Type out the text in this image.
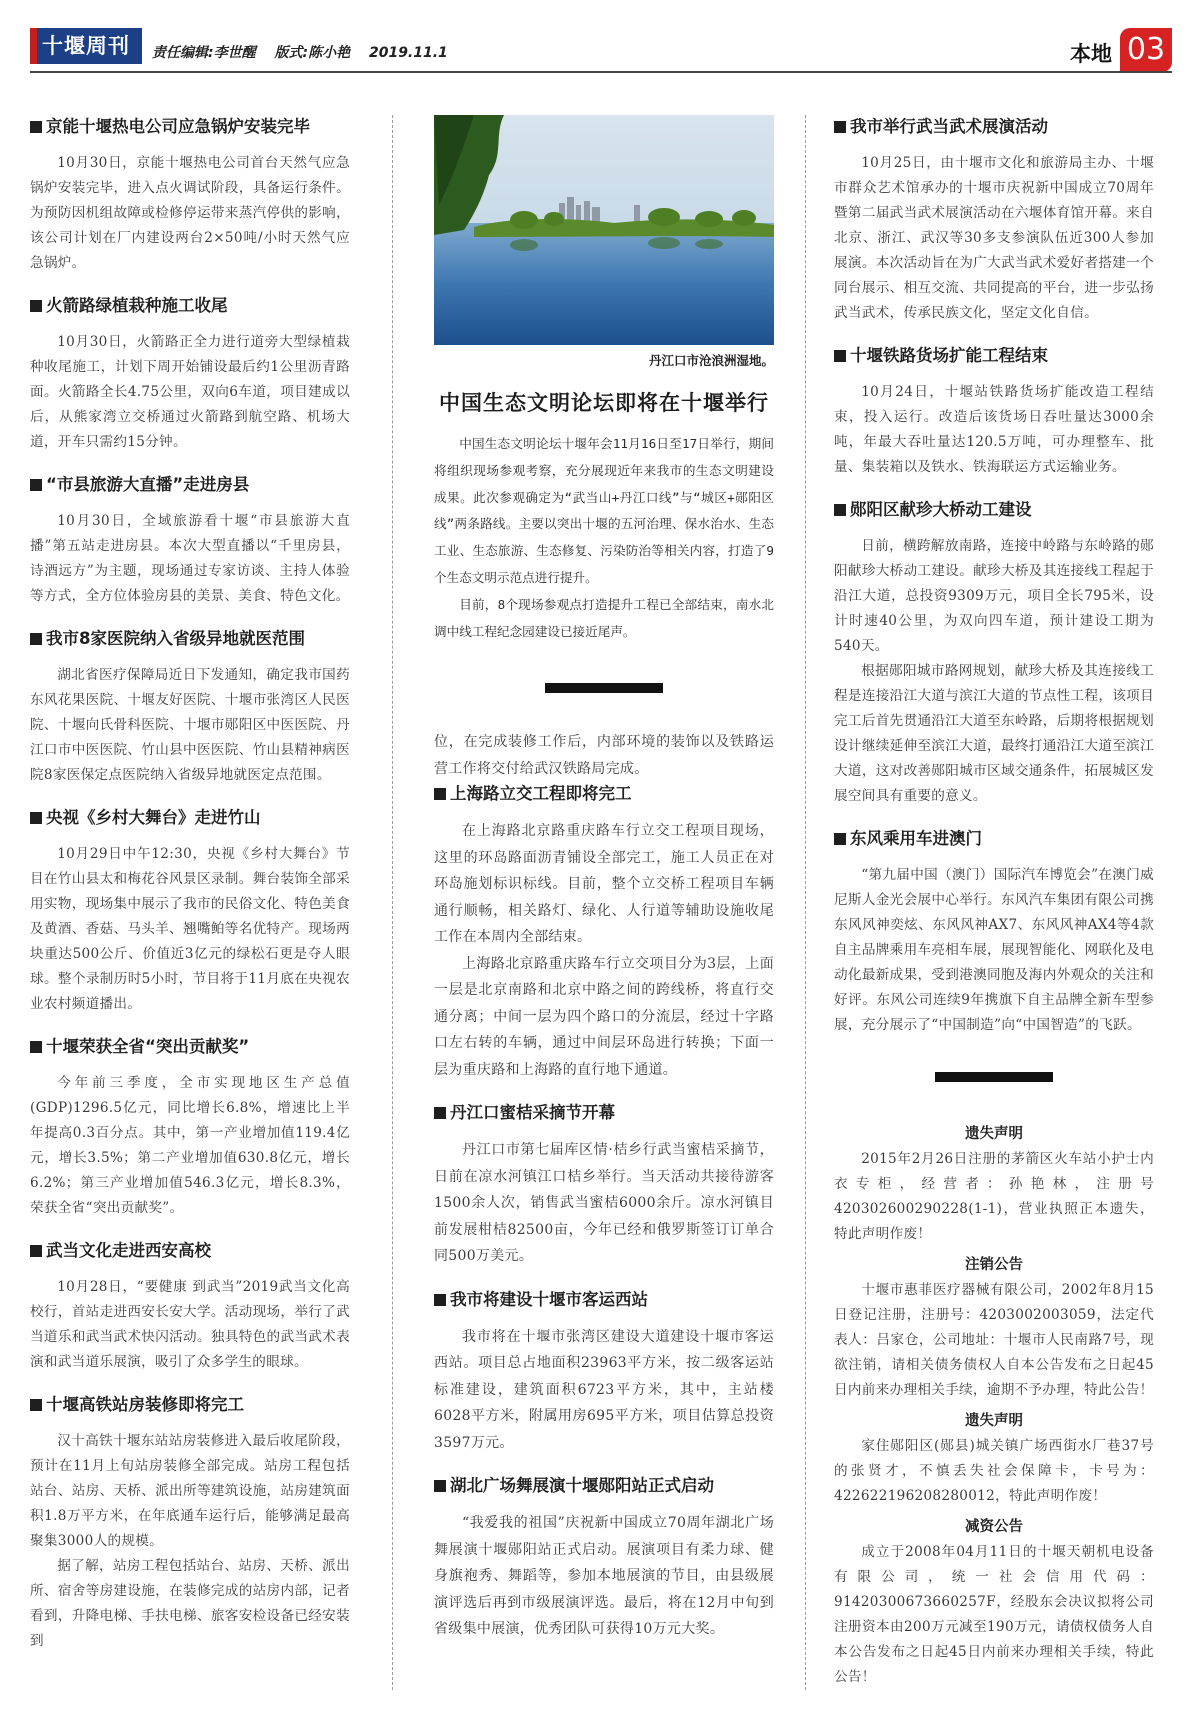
十堰周刊	责任编辑:李世醒 版式:陈小艳 2019.11.1	本地 03
京能十堰热电公司应急锅炉安装完毕

10月30日，京能十堰热电公司首台天然气应急锅炉安装完毕，进入点火调试阶段，具备运行条件。为预防因机组故障或检修停运带来蒸汽停供的影响，该公司计划在厂内建设两台2×50吨/小时天然气应急锅炉。

火箭路绿植栽种施工收尾

10月30日，火箭路正全力进行道旁大型绿植栽种收尾施工，计划下周开始铺设最后约1公里沥青路面。火箭路全长4.75公里，双向6车道，项目建成以后，从熊家湾立交桥通过火箭路到航空路、机场大道，开车只需约15分钟。

“市县旅游大直播”走进房县

10月30日，全域旅游看十堰“市县旅游大直播”第五站走进房县。本次大型直播以“千里房县，诗酒远方”为主题，现场通过专家访谈、主持人体验等方式，全方位体验房县的美景、美食、特色文化。

我市8家医院纳入省级异地就医范围

湖北省医疗保障局近日下发通知，确定我市国药东风花果医院、十堰友好医院、十堰市张湾区人民医院、十堰向氏骨科医院、十堰市郧阳区中医医院、丹江口市中医医院、竹山县中医医院、竹山县精神病医院8家医保定点医院纳入省级异地就医定点范围。

央视《乡村大舞台》走进竹山

10月29日中午12:30，央视《乡村大舞台》节目在竹山县太和梅花谷风景区录制。舞台装饰全部采用实物，现场集中展示了我市的民俗文化、特色美食及黄酒、香菇、马头羊、翘嘴鲌等名优特产。现场两块重达500公斤、价值近3亿元的绿松石更是夺人眼球。整个录制历时5小时，节目将于11月底在央视农业农村频道播出。

十堰荣获全省“突出贡献奖”

今年前三季度，全市实现地区生产总值(GDP)1296.5亿元，同比增长6.8%，增速比上半年提高0.3百分点。其中，第一产业增加值119.4亿元，增长3.5%；第二产业增加值630.8亿元，增长6.2%；第三产业增加值546.3亿元，增长8.3%，荣获全省“突出贡献奖”。

武当文化走进西安高校

10月28日，“要健康 到武当”2019武当文化高校行，首站走进西安长安大学。活动现场，举行了武当道乐和武当武术快闪活动。独具特色的武当武术表演和武当道乐展演，吸引了众多学生的眼球。

十堰高铁站房装修即将完工

汉十高铁十堰东站站房装修进入最后收尾阶段，预计在11月上旬站房装修全部完成。站房工程包括站台、站房、天桥、派出所等建筑设施，站房建筑面积1.8万平方米，在年底通车运行后，能够满足最高聚集3000人的规模。

据了解，站房工程包括站台、站房、天桥、派出所、宿舍等房建设施，在装修完成的站房内部，记者看到，升降电梯、手扶电梯、旅客安检设备已经安装到

丹江口市沧浪洲湿地。
中国生态文明论坛即将在十堰举行

中国生态文明论坛十堰年会11月16日至17日举行，期间将组织现场参观考察，充分展现近年来我市的生态文明建设成果。此次参观确定为“武当山+丹江口线”与“城区+郧阳区线”两条路线。主要以突出十堰的五河治理、保水治水、生态工业、生态旅游、生态修复、污染防治等相关内容，打造了9个生态文明示范点进行提升。

目前，8个现场参观点打造提升工程已全部结束，南水北调中线工程纪念园建设已接近尾声。

位，在完成装修工作后，内部环境的装饰以及铁路运营工作将交付给武汉铁路局完成。

上海路立交工程即将完工

在上海路北京路重庆路车行立交工程项目现场，这里的环岛路面沥青铺设全部完工，施工人员正在对环岛施划标识标线。目前，整个立交桥工程项目车辆通行顺畅，相关路灯、绿化、人行道等辅助设施收尾工作在本周内全部结束。

上海路北京路重庆路车行立交项目分为3层，上面一层是北京南路和北京中路之间的跨线桥，将直行交通分离；中间一层为四个路口的分流层，经过十字路口左右转的车辆，通过中间层环岛进行转换；下面一层为重庆路和上海路的直行地下通道。

丹江口蜜桔采摘节开幕

丹江口市第七届库区情·桔乡行武当蜜桔采摘节，日前在凉水河镇江口桔乡举行。当天活动共接待游客1500余人次，销售武当蜜桔6000余斤。凉水河镇目前发展柑桔82500亩，今年已经和俄罗斯签订订单合同500万美元。

我市将建设十堰市客运西站

我市将在十堰市张湾区建设大道建设十堰市客运西站。项目总占地面积23963平方米，按二级客运站标准建设，建筑面积6723平方米，其中，主站楼6028平方米，附属用房695平方米，项目估算总投资3597万元。

湖北广场舞展演十堰郧阳站正式启动

“我爱我的祖国”庆祝新中国成立70周年湖北广场舞展演十堰郧阳站正式启动。展演项目有柔力球、健身旗袍秀、舞蹈等，参加本地展演的节目，由县级展演评选后再到市级展演评选。最后，将在12月中旬到省级集中展演，优秀团队可获得10万元大奖。

我市举行武当武术展演活动

10月25日，由十堰市文化和旅游局主办、十堰市群众艺术馆承办的十堰市庆祝新中国成立70周年暨第二届武当武术展演活动在六堰体育馆开幕。来自北京、浙江、武汉等30多支参演队伍近300人参加展演。本次活动旨在为广大武当武术爱好者搭建一个同台展示、相互交流、共同提高的平台，进一步弘扬武当武术，传承民族文化，坚定文化自信。

十堰铁路货场扩能工程结束

10月24日，十堰站铁路货场扩能改造工程结束，投入运行。改造后该货场日吞吐量达3000余吨，年最大吞吐量达120.5万吨，可办理整车、批量、集装箱以及铁水、铁海联运方式运输业务。

郧阳区献珍大桥动工建设

日前，横跨解放南路，连接中岭路与东岭路的郧阳献珍大桥动工建设。献珍大桥及其连接线工程起于沿江大道，总投资9309万元，项目全长795米，设计时速40公里，为双向四车道，预计建设工期为540天。

根据郧阳城市路网规划，献珍大桥及其连接线工程是连接沿江大道与滨江大道的节点性工程，该项目完工后首先贯通沿江大道至东岭路，后期将根据规划设计继续延伸至滨江大道，最终打通沿江大道至滨江大道，这对改善郧阳城市区域交通条件，拓展城区发展空间具有重要的意义。

东风乘用车进澳门

“第九届中国（澳门）国际汽车博览会”在澳门威尼斯人金光会展中心举行。东风汽车集团有限公司携东风风神奕炫、东风风神AX7、东风风神AX4等4款自主品牌乘用车亮相车展，展现智能化、网联化及电动化最新成果，受到港澳同胞及海内外观众的关注和好评。东风公司连续9年携旗下自主品牌全新车型参展，充分展示了“中国制造”向“中国智造”的飞跃。

遗失声明

2015年2月26日注册的茅箭区火车站小护士内衣专柜，经营者：孙艳林，注册号420302600290228(1-1)，营业执照正本遗失，特此声明作废！

注销公告

十堰市惠菲医疗器械有限公司，2002年8月15日登记注册，注册号：4203002003059，法定代表人：吕家仓，公司地址：十堰市人民南路7号，现欲注销，请相关债务债权人自本公告发布之日起45日内前来办理相关手续，逾期不予办理，特此公告！

遗失声明

家住郧阳区(郧县)城关镇广场西街水厂巷37号的张贤才，不慎丢失社会保障卡，卡号为：422622196208280012，特此声明作废！

减资公告

成立于2008年04月11日的十堰天朝机电设备有限公司，统一社会信用代码：91420300673660257F，经股东会决议拟将公司注册资本由200万元减至190万元，请债权债务人自本公告发布之日起45日内前来办理相关手续，特此公告！
